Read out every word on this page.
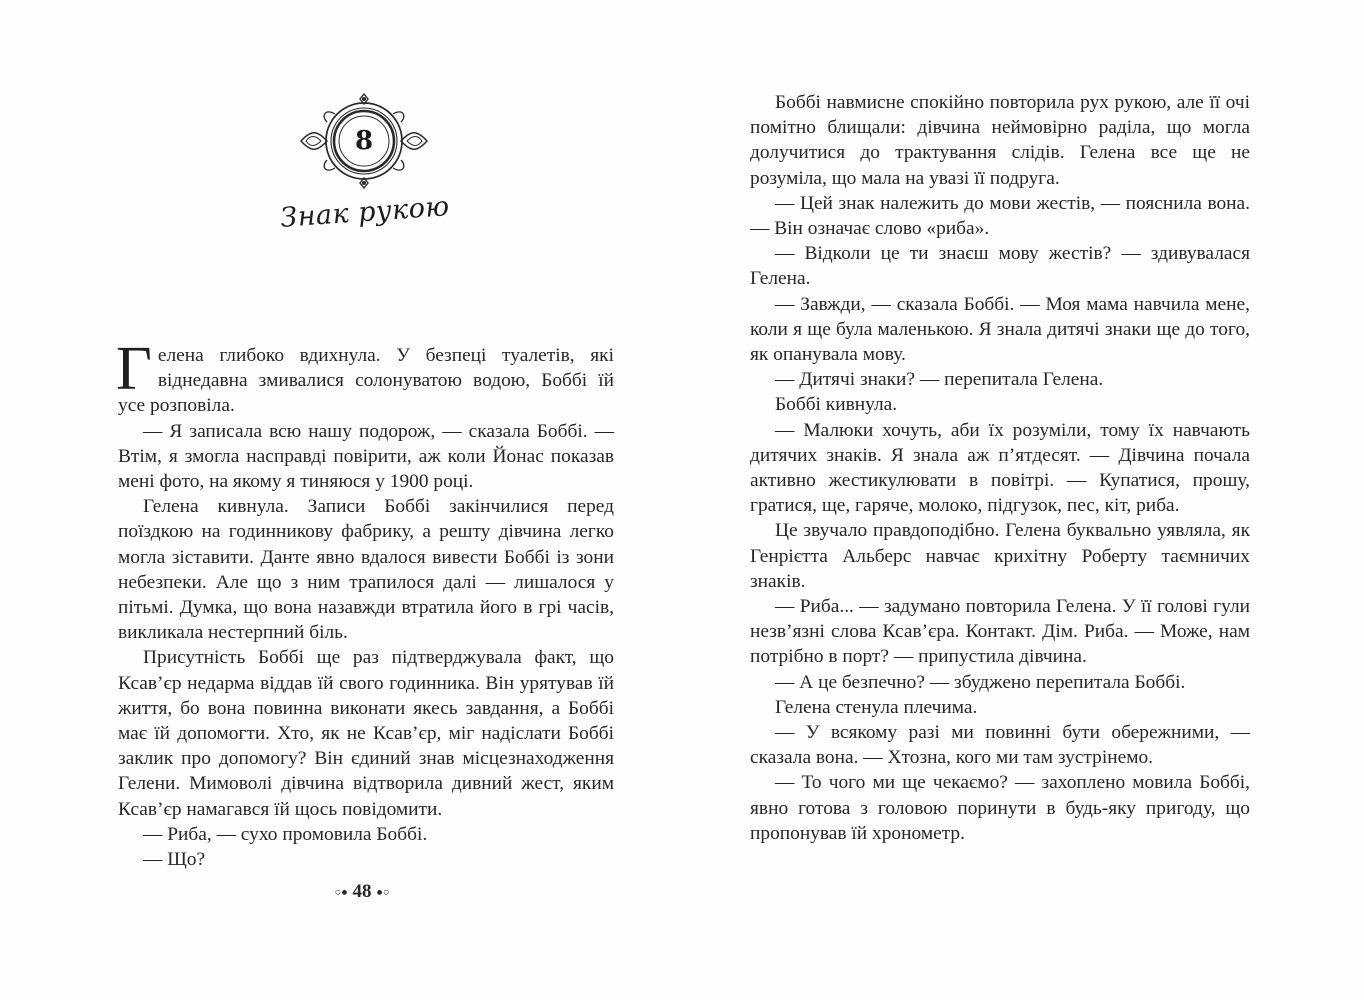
8
Знак рукою

Гелена глибоко вдихнула. У безпеці туалетів, які віднедавна змивалися солонуватою водою, Боббі їй усе розповіла.

— Я записала всю нашу подорож, — сказала Боббі. — Втім, я змогла насправді повірити, аж коли Йонас показав мені фото, на якому я тиняюся у 1900 році.

Гелена кивнула. Записи Боббі закінчилися перед поїздкою на годинникову фабрику, а решту дівчина легко могла зіставити. Данте явно вдалося вивести Боббі із зони небезпеки. Але що з ним трапилося далі — лишалося у пітьмі. Думка, що вона назавжди втратила його в грі часів, викликала нестерпний біль.

Присутність Боббі ще раз підтверджувала факт, що Ксав’єр недарма віддав їй свого годинника. Він урятував їй життя, бо вона повинна виконати якесь завдання, а Боббі має їй допомогти. Хто, як не Ксав’єр, міг надіслати Боббі заклик про допомогу? Він єдиний знав місцезнаходження Гелени. Мимоволі дівчина відтворила дивний жест, яким Ксав’єр намагався їй щось повідомити.

— Риба, — сухо промовила Боббі.

— Що?

○● 48 ●○

Боббі навмисне спокійно повторила рух рукою, але її очі помітно блищали: дівчина неймовірно раділа, що могла долучитися до трактування слідів. Гелена все ще не розуміла, що мала на увазі її подруга.

— Цей знак належить до мови жестів, — пояснила вона. — Він означає слово «риба».

— Відколи це ти знаєш мову жестів? — здивувалася Гелена.

— Завжди, — сказала Боббі. — Моя мама навчила мене, коли я ще була маленькою. Я знала дитячі знаки ще до того, як опанувала мову.

— Дитячі знаки? — перепитала Гелена.

Боббі кивнула.

— Малюки хочуть, аби їх розуміли, тому їх навчають дитячих знаків. Я знала аж п’ятдесят. — Дівчина почала активно жестикулювати в повітрі. — Купатися, прошу, гратися, ще, гаряче, молоко, підгузок, пес, кіт, риба.

Це звучало правдоподібно. Гелена буквально уявляла, як Генрієтта Альберс навчає крихітну Роберту таємничих знаків.

— Риба... — задумано повторила Гелена. У її голові гули незв’язні слова Ксав’єра. Контакт. Дім. Риба. — Може, нам потрібно в порт? — припустила дівчина.

— А це безпечно? — збуджено перепитала Боббі.

Гелена стенула плечима.

— У всякому разі ми повинні бути обережними, — сказала вона. — Хтозна, кого ми там зустрінемо.

— То чого ми ще чекаємо? — захоплено мовила Боббі, явно готова з головою поринути в будь-яку пригоду, що пропонував їй хронометр.
